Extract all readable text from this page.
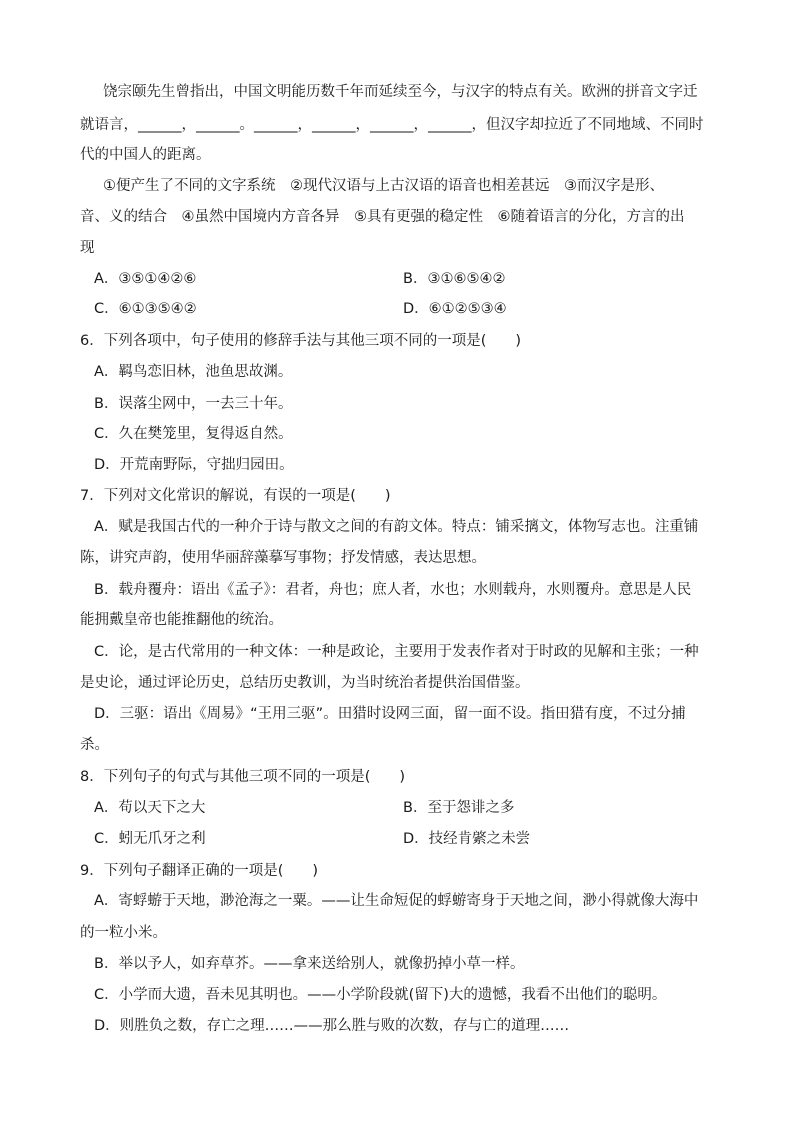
饶宗颐先生曾指出，中国文明能历数千年而延续至今，与汉字的特点有关。欧洲的拼音文字迁
就语言，______，______。______，______，______，______，但汉字却拉近了不同地域、不同时
代的中国人的距离。
①便产生了不同的文字系统　②现代汉语与上古汉语的语音也相差甚远　③而汉字是形、
音、义的结合　④虽然中国境内方音各异　⑤具有更强的稳定性　⑥随着语言的分化，方言的出
现
A．③⑤①④②⑥	B．③①⑥⑤④②
C．⑥①③⑤④②	D．⑥①②⑤③④
6．下列各项中，句子使用的修辞手法与其他三项不同的一项是(　　)
A．羁鸟恋旧林，池鱼思故渊。
B．误落尘网中，一去三十年。
C．久在樊笼里，复得返自然。
D．开荒南野际，守拙归园田。
7．下列对文化常识的解说，有误的一项是(　　)
A．赋是我国古代的一种介于诗与散文之间的有韵文体。特点：铺采摛文，体物写志也。注重铺
陈，讲究声韵，使用华丽辞藻摹写事物；抒发情感，表达思想。
B．载舟覆舟：语出《孟子》：君者，舟也；庶人者，水也；水则载舟，水则覆舟。意思是人民
能拥戴皇帝也能推翻他的统治。
C．论，是古代常用的一种文体：一种是政论，主要用于发表作者对于时政的见解和主张；一种
是史论，通过评论历史，总结历史教训，为当时统治者提供治国借鉴。
D．三驱：语出《周易》“王用三驱”。田猎时设网三面，留一面不设。指田猎有度，不过分捕
杀。
8．下列句子的句式与其他三项不同的一项是(　　)
A．苟以天下之大	B．至于怨诽之多
C．蚓无爪牙之利	D．技经肯綮之未尝
9．下列句子翻译正确的一项是(　　)
A．寄蜉蝣于天地，渺沧海之一粟。——让生命短促的蜉蝣寄身于天地之间，渺小得就像大海中
的一粒小米。
B．举以予人，如弃草芥。——拿来送给别人，就像扔掉小草一样。
C．小学而大遗，吾未见其明也。——小学阶段就(留下)大的遗憾，我看不出他们的聪明。
D．则胜负之数，存亡之理……——那么胜与败的次数，存与亡的道理……
